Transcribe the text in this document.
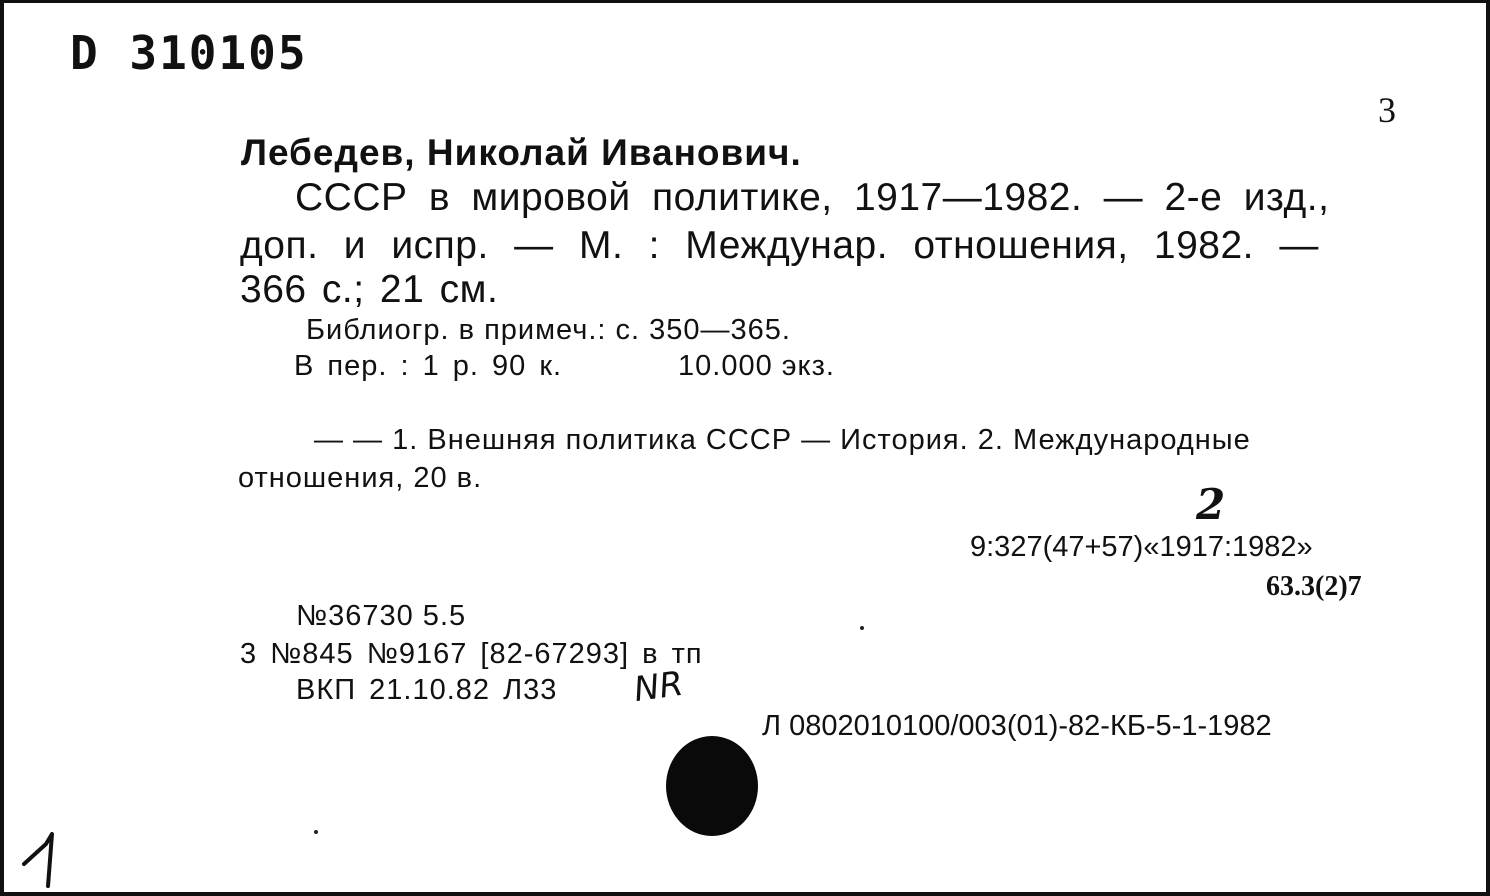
D 310105

3

Лебедев, Николай Иванович.

СССР в мировой политике, 1917—1982. — 2-е изд.,

доп. и испр. — М. : Междунар. отношения, 1982. —

366 с.; 21 см.

Библиогр. в примеч.: с. 350—365.

В пер. : 1 р. 90 к.	10.000 экз.

— — 1. Внешняя политика СССР — История. 2. Международные

отношения, 20 в.

2

9:327(47+57)«1917:1982»

63.3(2)7

№36730 5.5

3 №845 №9167 [82-67293] в тп

ВКП 21.10.82 Л33 NR

Л 0802010100/003(01)-82-КБ-5-1-1982
